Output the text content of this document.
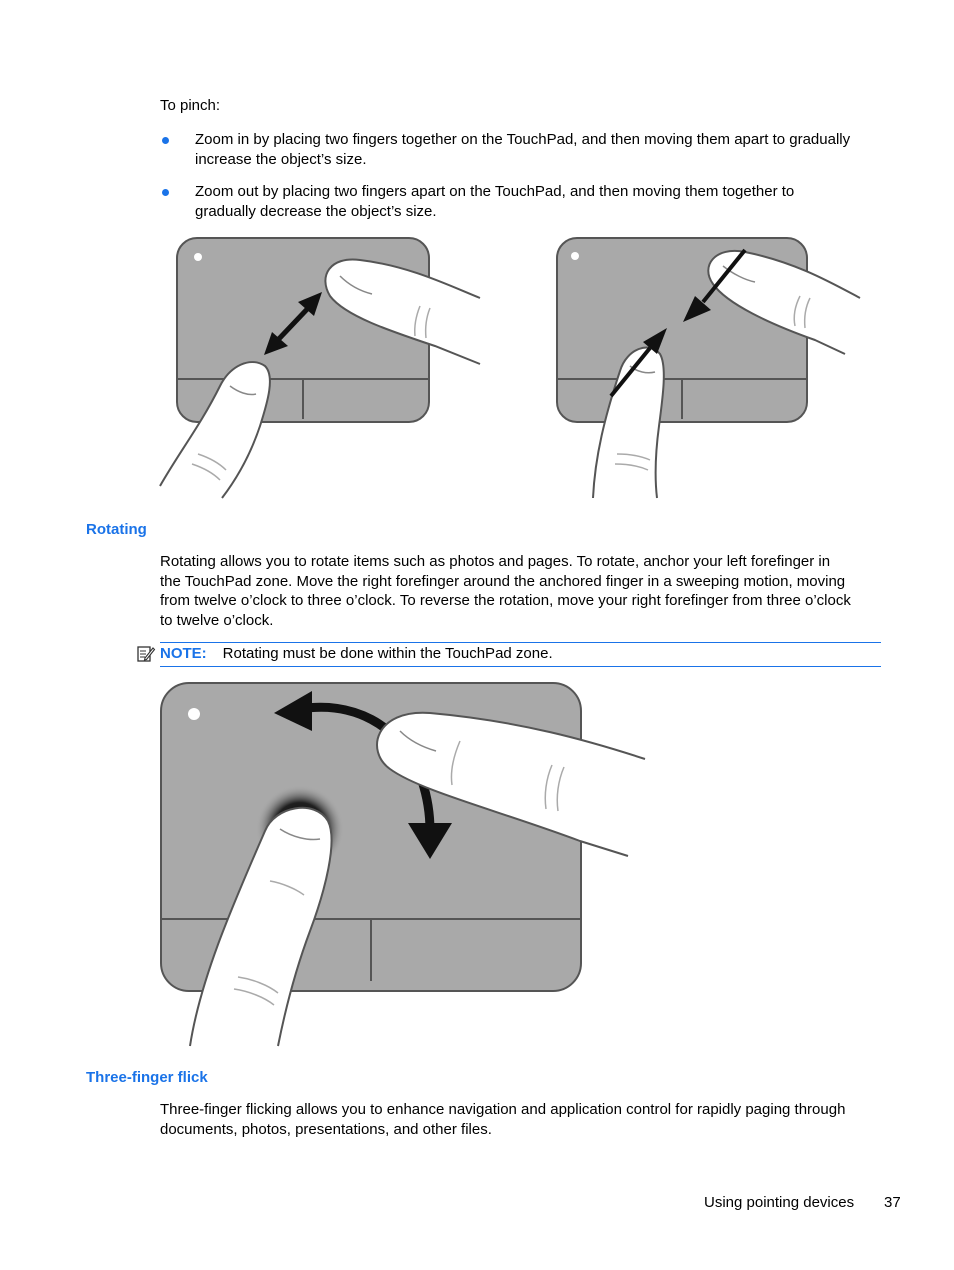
To pinch:
Zoom in by placing two fingers together on the TouchPad, and then moving them apart to gradually
increase the object’s size.
Zoom out by placing two fingers apart on the TouchPad, and then moving them together to
gradually decrease the object’s size.
Rotating
Rotating allows you to rotate items such as photos and pages. To rotate, anchor your left forefinger in
the TouchPad zone. Move the right forefinger around the anchored finger in a sweeping motion, moving
from twelve o’clock to three o’clock. To reverse the rotation, move your right forefinger from three o’clock
to twelve o’clock.
NOTE: Rotating must be done within the TouchPad zone.
Three-finger flick
Three-finger flicking allows you to enhance navigation and application control for rapidly paging through
documents, photos, presentations, and other files.
Using pointing devices 37
